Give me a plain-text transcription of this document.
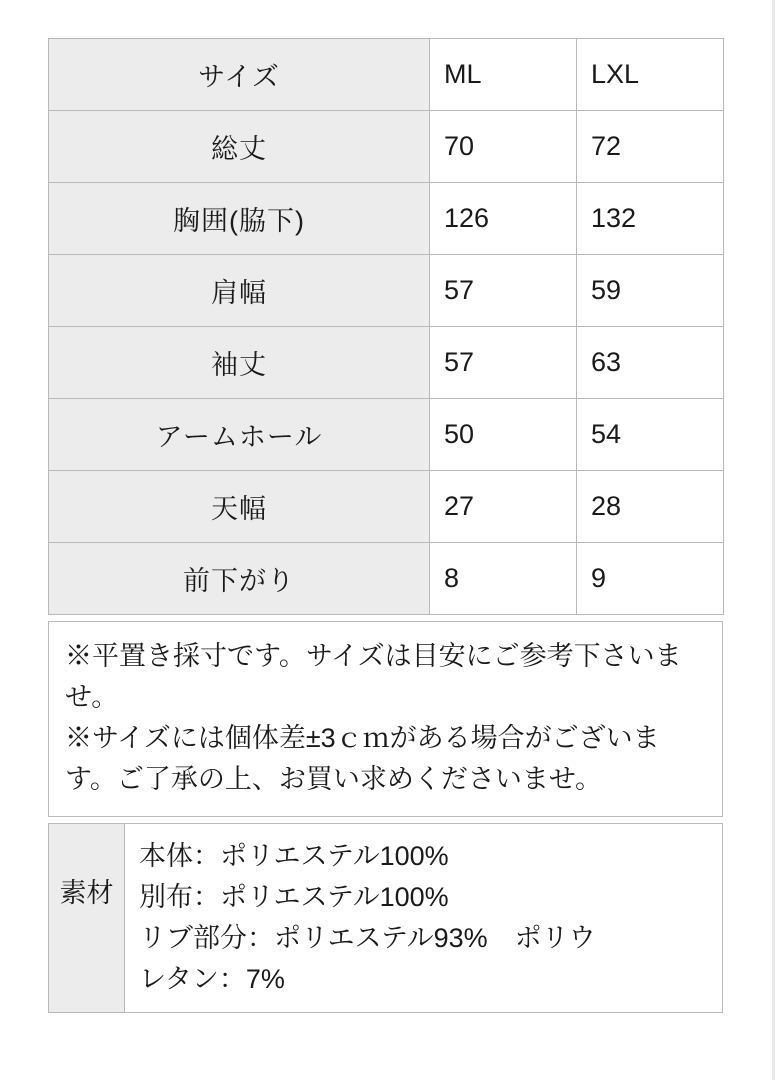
サイズ	ML	LXL
総丈	70	72
胸囲(脇下)	126	132
肩幅	57	59
袖丈	57	63
アームホール	50	54
天幅	27	28
前下がり	8	9

※平置き採寸です。サイズは目安にご参考下さいませ。

※サイズには個体差±3ｃｍがある場合がございます。ご了承の上、お買い求めくださいませ。

素材	
本体：ポリエステル100%
別布：ポリエステル100%
リブ部分：ポリエステル93%　ポリウ
レタン：7%
